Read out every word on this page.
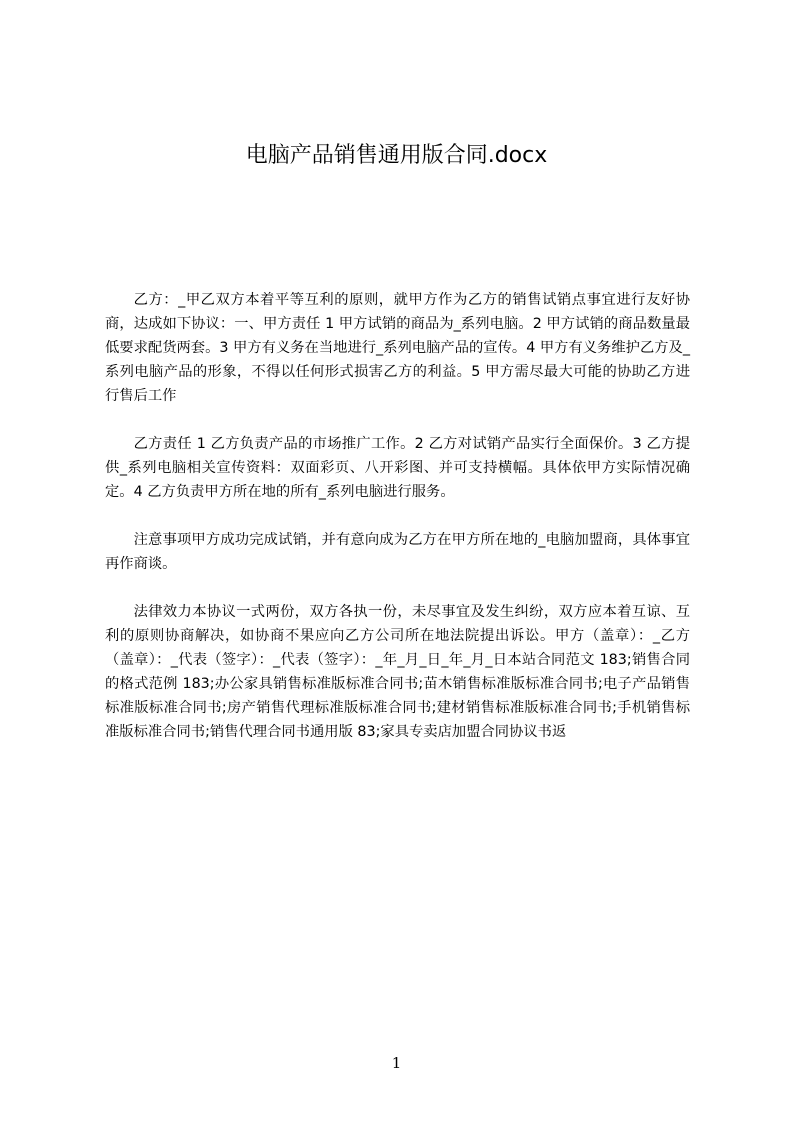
电脑产品销售通用版合同.docx

乙方：_甲乙双方本着平等互利的原则，就甲方作为乙方的销售试销点事宜进行友好协商，达成如下协议：一、甲方责任 1 甲方试销的商品为_系列电脑。2 甲方试销的商品数量最低要求配货两套。3 甲方有义务在当地进行_系列电脑产品的宣传。4 甲方有义务维护乙方及_系列电脑产品的形象，不得以任何形式损害乙方的利益。5 甲方需尽最大可能的协助乙方进行售后工作

乙方责任 1 乙方负责产品的市场推广工作。2 乙方对试销产品实行全面保价。3 乙方提供_系列电脑相关宣传资料：双面彩页、八开彩图、并可支持横幅。具体依甲方实际情况确定。4 乙方负责甲方所在地的所有_系列电脑进行服务。

注意事项甲方成功完成试销，并有意向成为乙方在甲方所在地的_电脑加盟商，具体事宜再作商谈。

法律效力本协议一式两份，双方各执一份，未尽事宜及发生纠纷，双方应本着互谅、互利的原则协商解决，如协商不果应向乙方公司所在地法院提出诉讼。甲方（盖章）：_乙方（盖章）：_代表（签字）：_代表（签字）：_年_月_日_年_月_日本站合同范文 183;销售合同的格式范例 183;办公家具销售标准版标准合同书;苗木销售标准版标准合同书;电子产品销售标准版标准合同书;房产销售代理标准版标准合同书;建材销售标准版标准合同书;手机销售标准版标准合同书;销售代理合同书通用版 83;家具专卖店加盟合同协议书返

1
